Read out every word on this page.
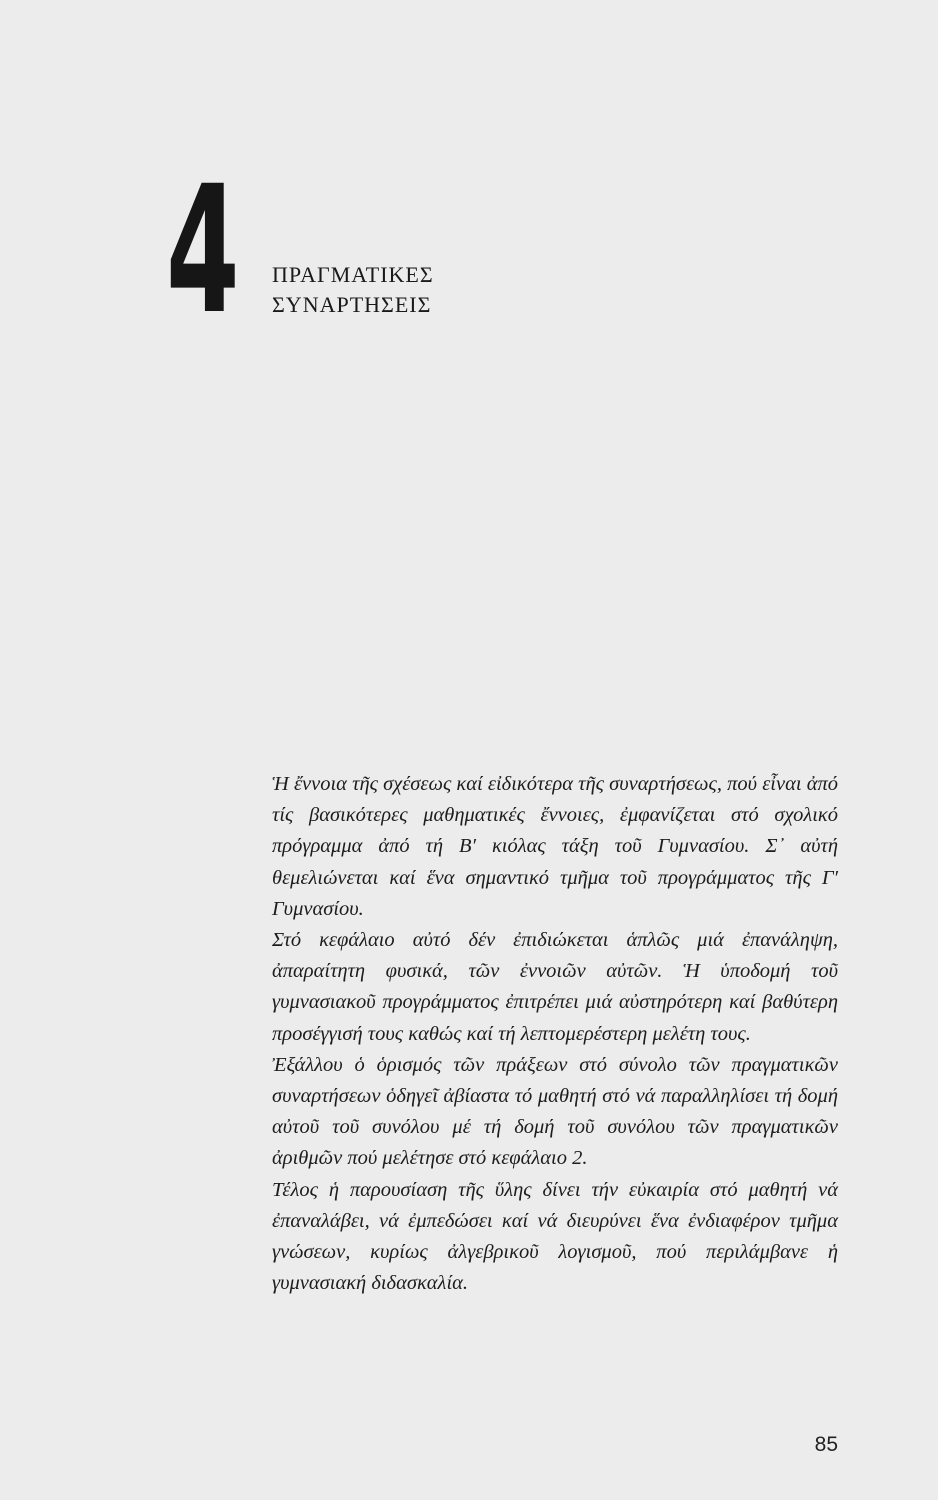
4 ΠΡΑΓΜΑΤΙΚΕΣ
ΣΥΝΑΡΤΗΣΕΙΣ

Ἡ ἔννοια τῆς σχέσεως καί εἰδικότερα τῆς συναρτήσεως, πού εἶναι ἀπό τίς βασικότερες μαθηματικές ἔννοιες, ἐμφανίζεται στό σχολικό πρόγραμμα ἀπό τή Β′ κιόλας τάξη τοῦ Γυμνασίου. Σ᾽ αὐτή θεμελιώνεται καί ἕνα σημαντικό τμῆμα τοῦ προγράμματος τῆς Γ′ Γυμνασίου.

Στό κεφάλαιο αὐτό δέν ἐπιδιώκεται ἁπλῶς μιά ἐπανάληψη, ἀπαραίτητη φυσικά, τῶν ἐννοιῶν αὐτῶν. Ἡ ὑποδομή τοῦ γυμνασιακοῦ προγράμματος ἐπιτρέπει μιά αὐστηρότερη καί βαθύτερη προσέγγισή τους καθώς καί τή λεπτομερέστερη μελέτη τους.

Ἐξάλλου ὁ ὁρισμός τῶν πράξεων στό σύνολο τῶν πραγματικῶν συναρτήσεων ὁδηγεῖ ἀβίαστα τό μαθητή στό νά παραλληλίσει τή δομή αὐτοῦ τοῦ συνόλου μέ τή δομή τοῦ συνόλου τῶν πραγματικῶν ἀριθμῶν πού μελέτησε στό κεφάλαιο 2.

Τέλος ἡ παρουσίαση τῆς ὕλης δίνει τήν εὐκαιρία στό μαθητή νά ἐπαναλάβει, νά ἐμπεδώσει καί νά διευρύνει ἕνα ἐνδιαφέρον τμῆμα γνώσεων, κυρίως ἀλγεβρικοῦ λογισμοῦ, πού περιλάμβανε ἡ γυμνασιακή διδασκαλία.

85
